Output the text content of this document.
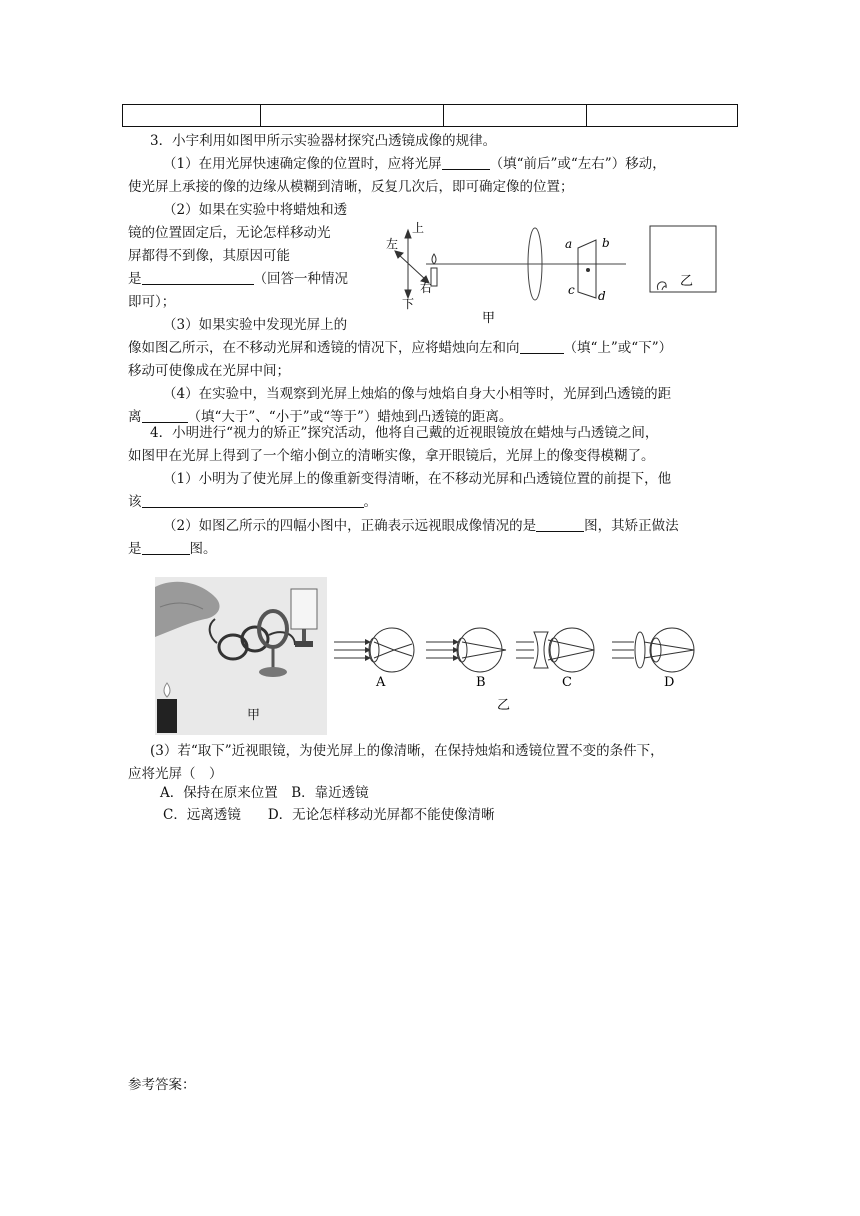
3．小宇利用如图甲所示实验器材探究凸透镜成像的规律。

（1）在用光屏快速确定像的位置时，应将光屏	（填“前后”或“左右”）移动，

使光屏上承接的像的边缘从模糊到清晰，反复几次后，即可确定像的位置；

（2）如果在实验中将蜡烛和透

镜的位置固定后，无论怎样移动光

屏都得不到像，其原因可能

是	（回答一种情况

即可）；

（3）如果实验中发现光屏上的

像如图乙所示，在不移动光屏和透镜的情况下，应将蜡烛向左和向	（填“上”或“下”）

移动可使像成在光屏中间；

（4）在实验中，当观察到光屏上烛焰的像与烛焰自身大小相等时，光屏到凸透镜的距

离	（填“大于”、“小于”或“等于”）蜡烛到凸透镜的距离。

上
左
下
右
a b
c d
乙
甲

4．小明进行“视力的矫正”探究活动，他将自己戴的近视眼镜放在蜡烛与凸透镜之间，

如图甲在光屏上得到了一个缩小倒立的清晰实像，拿开眼镜后，光屏上的像变得模糊了。

（1）小明为了使光屏上的像重新变得清晰，在不移动光屏和凸透镜位置的前提下，他

该	。

（2）如图乙所示的四幅小图中，正确表示远视眼成像情况的是	图，其矫正做法

是	图。

甲
A	B	C	D
乙

(3）若“取下”近视眼镜，为使光屏上的像清晰，在保持烛焰和透镜位置不变的条件下，

应将光屏（　）

A．保持在原来位置　 B．靠近透镜

C．远离透镜　　 D．无论怎样移动光屏都不能使像清晰

参考答案：
